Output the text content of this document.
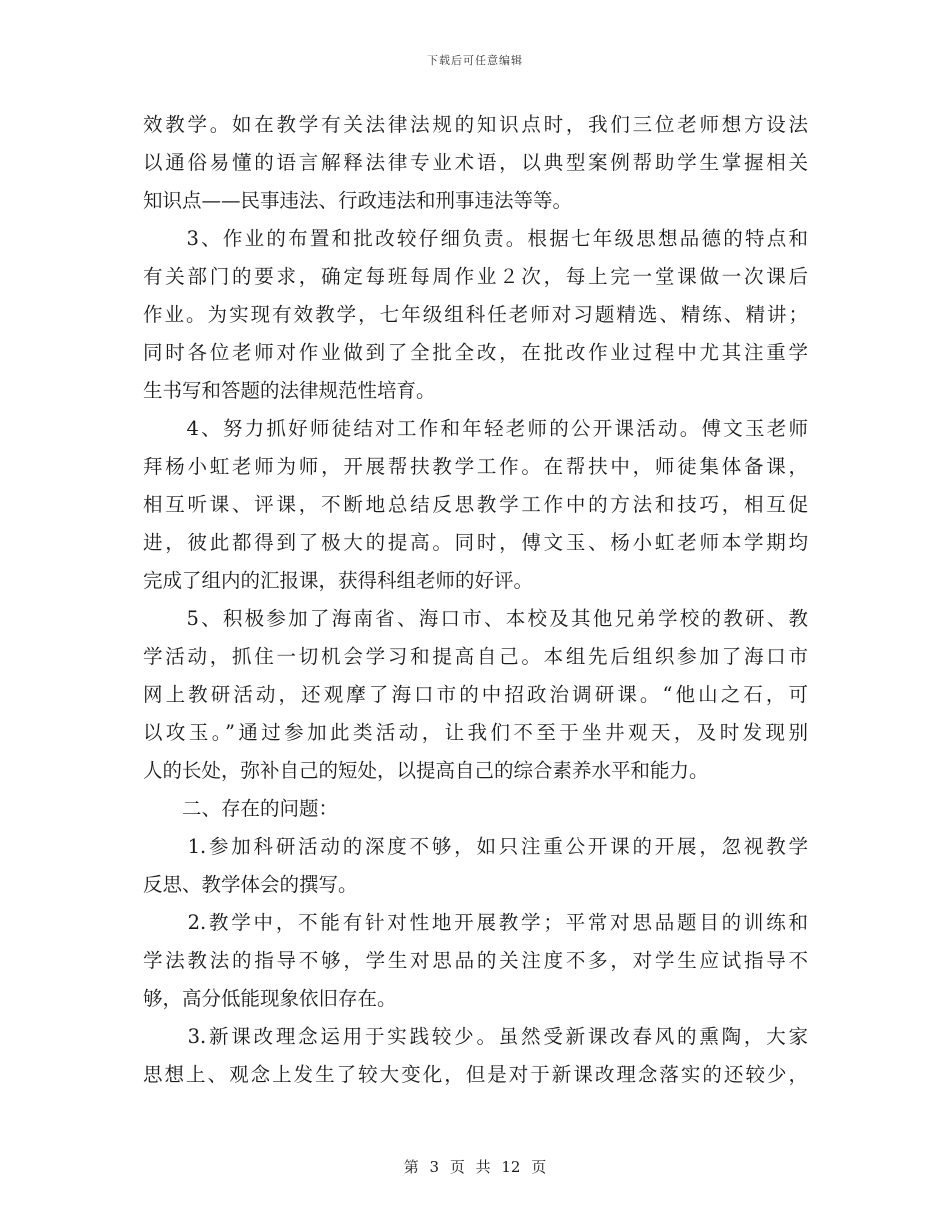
下载后可任意编辑
效教学。如在教学有关法律法规的知识点时，我们三位老师想方设法
以通俗易懂的语言解释法律专业术语，以典型案例帮助学生掌握相关
知识点——民事违法、行政违法和刑事违法等等。
　　3、作业的布置和批改较仔细负责。根据七年级思想品德的特点和
有关部门的要求，确定每班每周作业２次，每上完一堂课做一次课后
作业。为实现有效教学，七年级组科任老师对习题精选、精练、精讲；
同时各位老师对作业做到了全批全改，在批改作业过程中尤其注重学
生书写和答题的法律规范性培育。
　　4、努力抓好师徒结对工作和年轻老师的公开课活动。傅文玉老师
拜杨小虹老师为师，开展帮扶教学工作。在帮扶中，师徒集体备课，
相互听课、评课，不断地总结反思教学工作中的方法和技巧，相互促
进，彼此都得到了极大的提高。同时，傅文玉、杨小虹老师本学期均
完成了组内的汇报课，获得科组老师的好评。
　　5、积极参加了海南省、海口市、本校及其他兄弟学校的教研、教
学活动，抓住一切机会学习和提高自己。本组先后组织参加了海口市
网上教研活动，还观摩了海口市的中招政治调研课。“他山之石，可
以攻玉。”通过参加此类活动，让我们不至于坐井观天，及时发现别
人的长处，弥补自己的短处，以提高自己的综合素养水平和能力。
　　二、存在的问题：
　　1.参加科研活动的深度不够，如只注重公开课的开展，忽视教学
反思、教学体会的撰写。
　　2.教学中，不能有针对性地开展教学；平常对思品题目的训练和
学法教法的指导不够，学生对思品的关注度不多，对学生应试指导不
够，高分低能现象依旧存在。
　　3.新课改理念运用于实践较少。虽然受新课改春风的熏陶，大家
思想上、观念上发生了较大变化，但是对于新课改理念落实的还较少，
第 3 页 共 12 页
